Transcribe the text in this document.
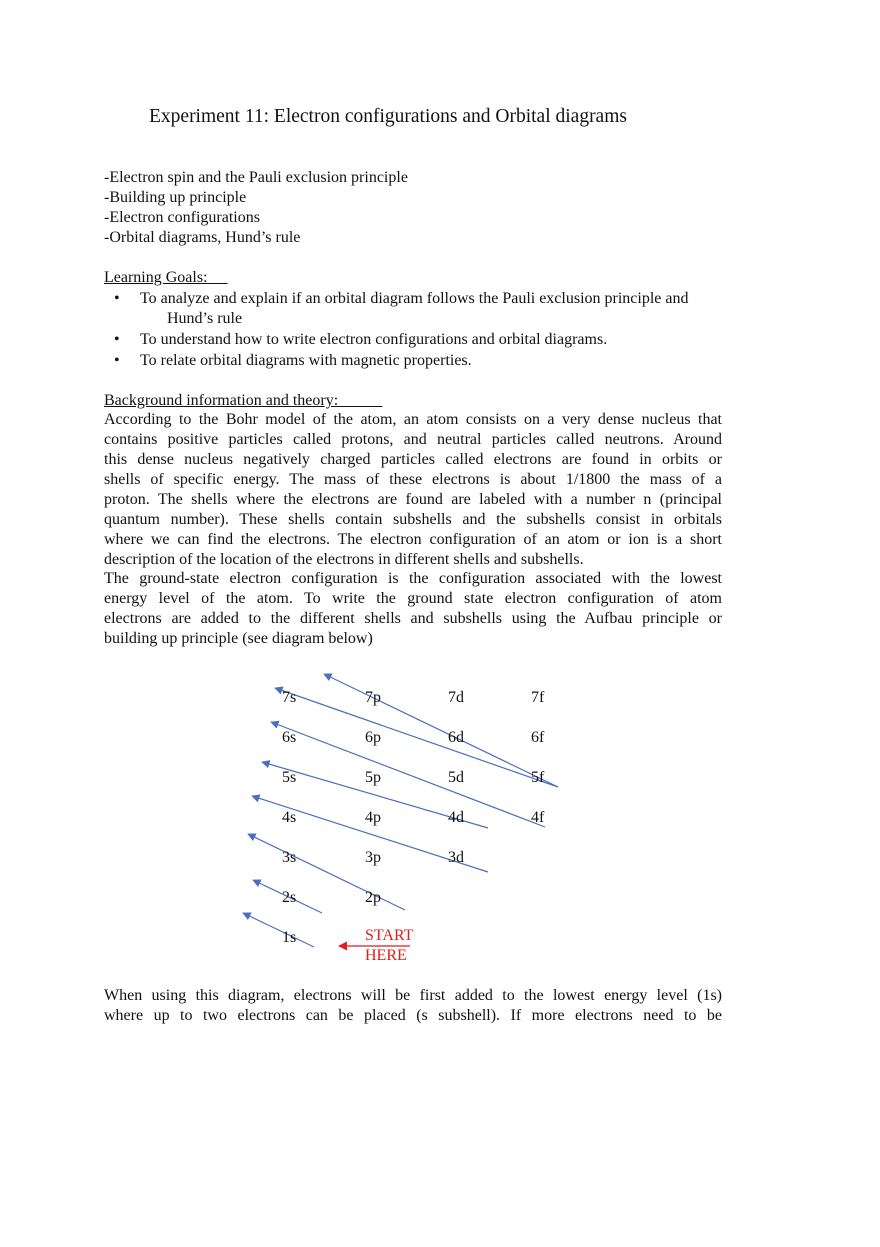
Experiment 11: Electron configurations and Orbital diagrams
-Electron spin and the Pauli exclusion principle
-Building up principle
-Electron configurations
-Orbital diagrams, Hund’s rule
Learning Goals:
• To analyze and explain if an orbital diagram follows the Pauli exclusion principle and
Hund’s rule
• To understand how to write electron configurations and orbital diagrams.
• To relate orbital diagrams with magnetic properties.
Background information and theory:
According to the Bohr model of the atom, an atom consists on a very dense nucleus that
contains positive particles called protons, and neutral particles called neutrons. Around
this dense nucleus negatively charged particles called electrons are found in orbits or
shells of specific energy. The mass of these electrons is about 1/1800 the mass of a
proton. The shells where the electrons are found are labeled with a number n (principal
quantum number). These shells contain subshells and the subshells consist in orbitals
where we can find the electrons. The electron configuration of an atom or ion is a short
description of the location of the electrons in different shells and subshells.
The ground-state electron configuration is the configuration associated with the lowest
energy level of the atom. To write the ground state electron configuration of atom
electrons are added to the different shells and subshells using the Aufbau principle or
building up principle (see diagram below)
7s	7p	7d	7f
6s	6p	6d	6f
5s	5p	5d	5f
4s	4p	4d	4f
3s	3p	3d
2s	2p
1s	START
HERE
When using this diagram, electrons will be first added to the lowest energy level (1s)
where up to two electrons can be placed (s subshell). If more electrons need to be
